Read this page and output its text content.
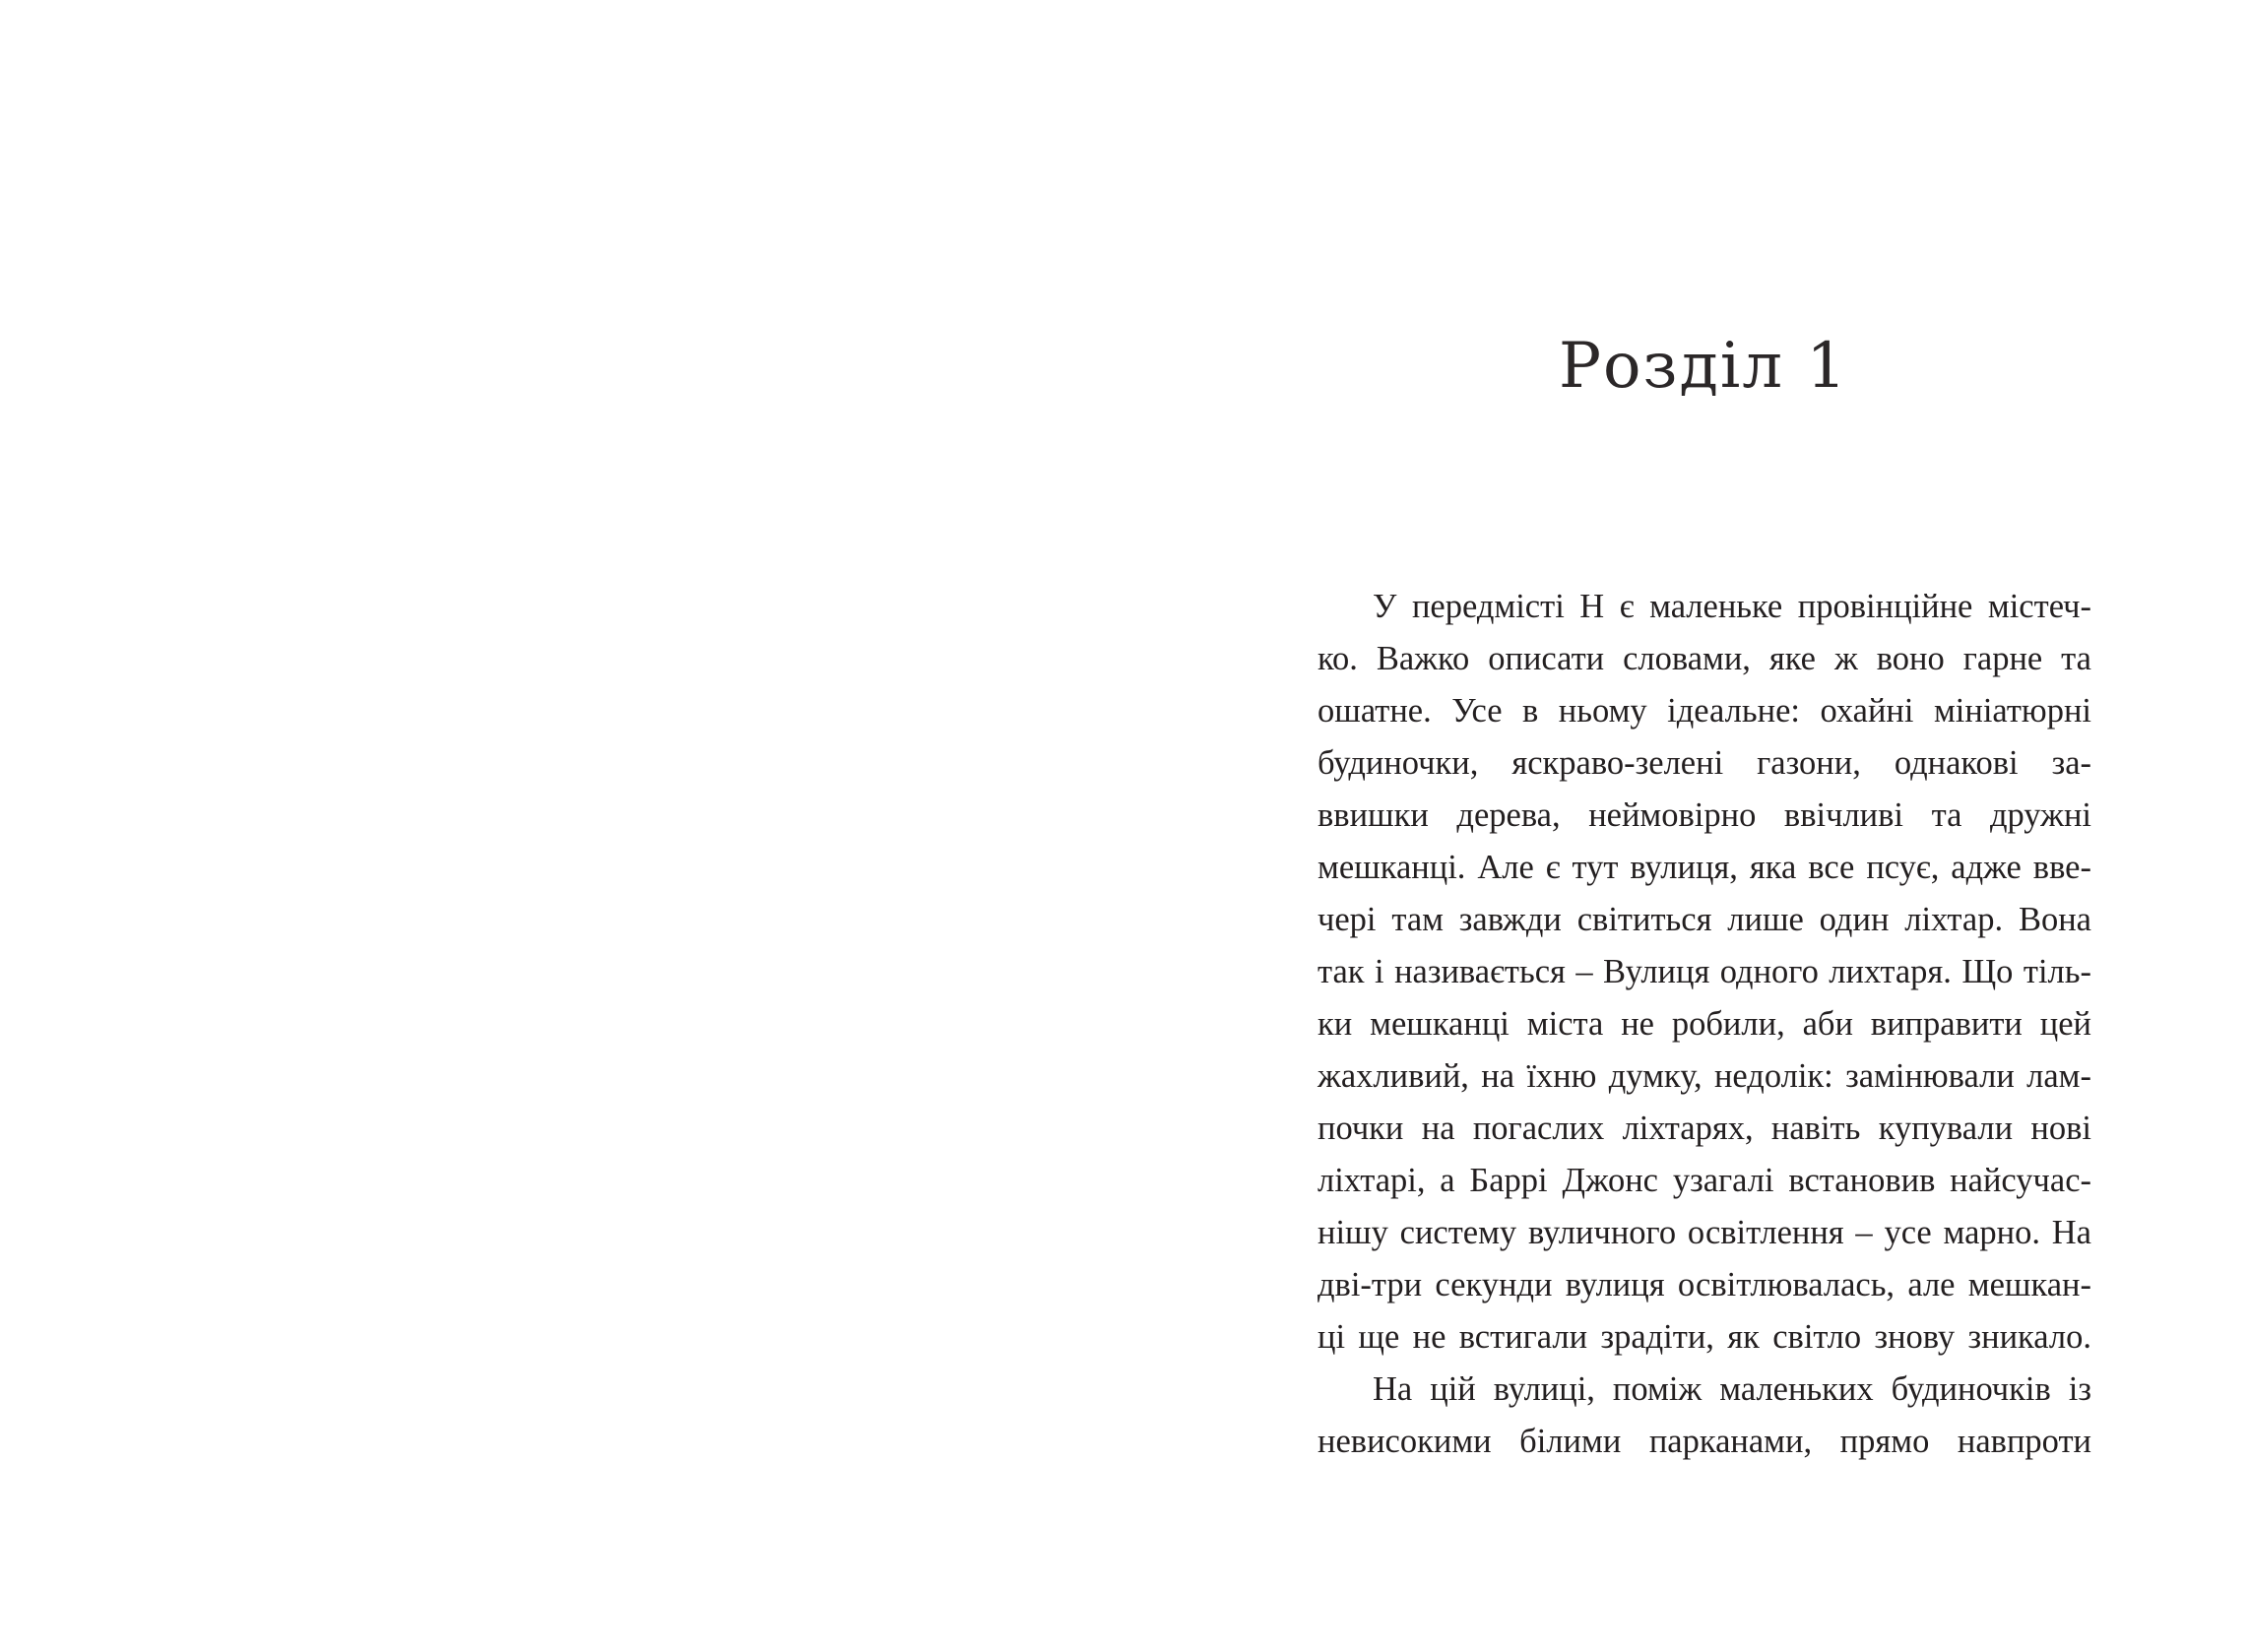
Розділ 1
У передмісті Н є маленьке провінційне містеч-
ко. Важко описати словами, яке ж воно гарне та
ошатне. Усе в ньому ідеальне: охайні мініатюрні
будиночки, яскраво-зелені газони, однакові за-
ввишки дерева, неймовірно ввічливі та дружні
мешканці. Але є тут вулиця, яка все псує, адже вве-
чері там завжди світиться лише один ліхтар. Вона
так і називається – Вулиця одного лихтаря. Що тіль-
ки мешканці міста не робили, аби виправити цей
жахливий, на їхню думку, недолік: замінювали лам-
почки на погаслих ліхтарях, навіть купували нові
ліхтарі, а Баррі Джонс узагалі встановив найсучас-
нішу систему вуличного освітлення – усе марно. На
дві-три секунди вулиця освітлювалась, але мешкан-
ці ще не встигали зрадіти, як світло знову зникало.
На цій вулиці, поміж маленьких будиночків із
невисокими білими парканами, прямо навпроти
